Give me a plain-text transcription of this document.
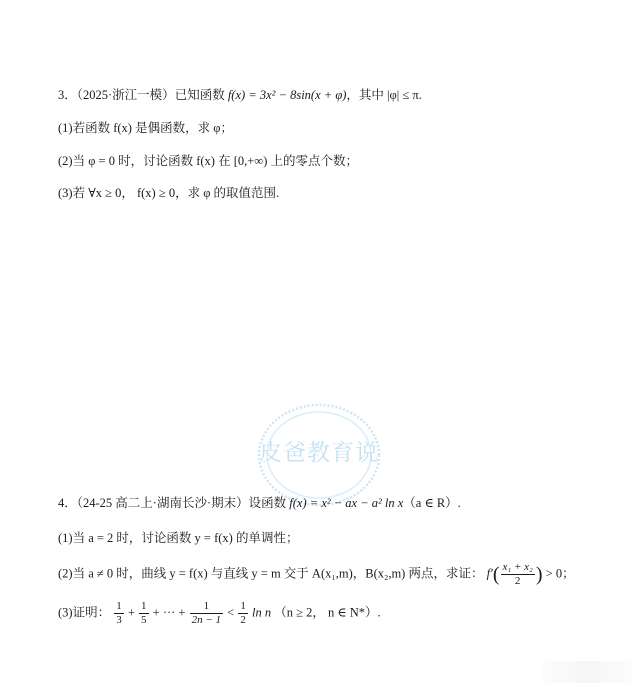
3．（2025·浙江一模）已知函数 f(x) = 3x² − 8sin(x + φ)，其中 |φ| ≤ π.
(1)若函数 f(x) 是偶函数，求 φ；
(2)当 φ = 0 时，讨论函数 f(x) 在 [0,+∞) 上的零点个数；
(3)若 ∀x ≥ 0， f(x) ≥ 0，求 φ 的取值范围.
皮爸教育说
4．（24-25 高二上·湖南长沙·期末）设函数 f(x) = x² − ax − a² ln x（a ∈ R）.
(1)当 a = 2 时，讨论函数 y = f(x) 的单调性；
(2)当 a ≠ 0 时，曲线 y = f(x) 与直线 y = m 交于 A(x₁,m)，B(x₂,m) 两点，求证： $f'( \frac{\text{x₁ + x₂}}{2}$ ) > 0；
(3)证明： $\frac{1}{3} + \frac{1}{5}$ + ··· + $\frac{1}{2n - 1} < \frac{1}{2}$ ln n （n ≥ 2， n ∈ N*）.
